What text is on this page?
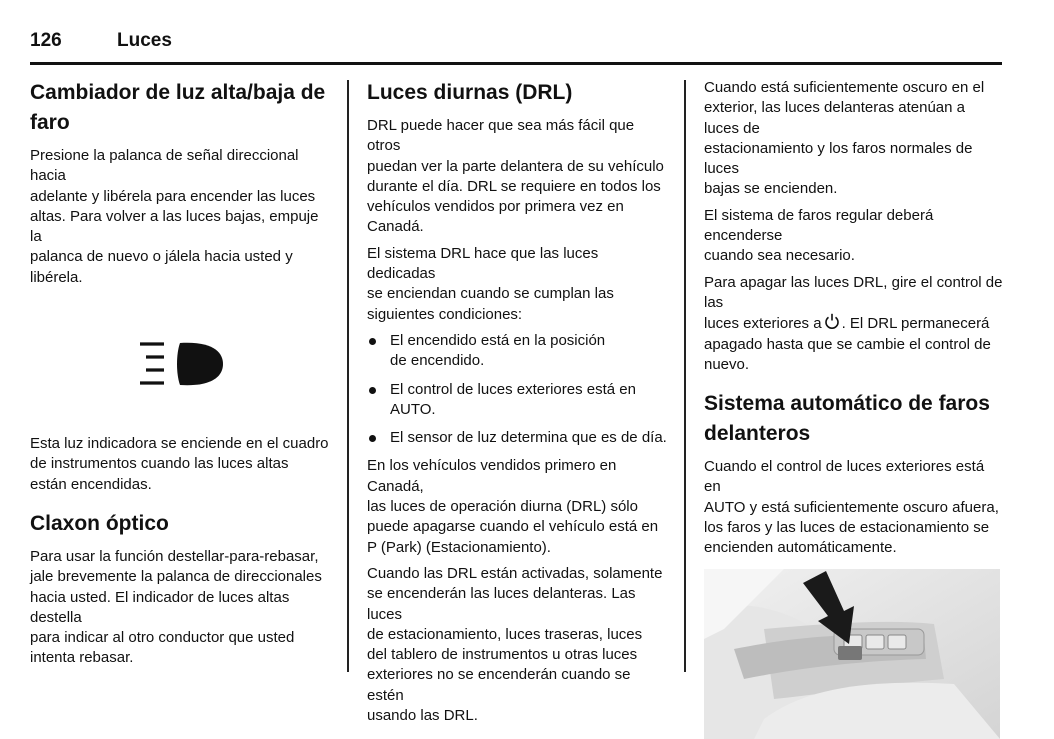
126	Luces
Cambiador de luz alta/baja de
faro

Presione la palanca de señal direccional hacia
adelante y libérela para encender las luces
altas. Para volver a las luces bajas, empuje la
palanca de nuevo o jálela hacia usted y libérela.

Esta luz indicadora se enciende en el cuadro
de instrumentos cuando las luces altas
están encendidas.

Claxon óptico

Para usar la función destellar-para-rebasar,
jale brevemente la palanca de direccionales
hacia usted. El indicador de luces altas destella
para indicar al otro conductor que usted
intenta rebasar.

Luces diurnas (DRL)

DRL puede hacer que sea más fácil que otros
puedan ver la parte delantera de su vehículo
durante el día. DRL se requiere en todos los
vehículos vendidos por primera vez en Canadá.

El sistema DRL hace que las luces dedicadas
se enciendan cuando se cumplan las
siguientes condiciones:

El encendido está en la posición
de encendido.
El control de luces exteriores está en
AUTO.
El sensor de luz determina que es de día.

En los vehículos vendidos primero en Canadá,
las luces de operación diurna (DRL) sólo
puede apagarse cuando el vehículo está en
P (Park) (Estacionamiento).

Cuando las DRL están activadas, solamente
se encenderán las luces delanteras. Las luces
de estacionamiento, luces traseras, luces
del tablero de instrumentos u otras luces
exteriores no se encenderán cuando se estén
usando las DRL.

Cuando está suficientemente oscuro en el
exterior, las luces delanteras atenúan a luces de
estacionamiento y los faros normales de luces
bajas se encienden.

El sistema de faros regular deberá encenderse
cuando sea necesario.

Para apagar las luces DRL, gire el control de las
luces exteriores a . El DRL permanecerá
apagado hasta que se cambie el control de
nuevo.

Sistema automático de faros
delanteros

Cuando el control de luces exteriores está en
AUTO y está suficientemente oscuro afuera,
los faros y las luces de estacionamiento se
encienden automáticamente.
